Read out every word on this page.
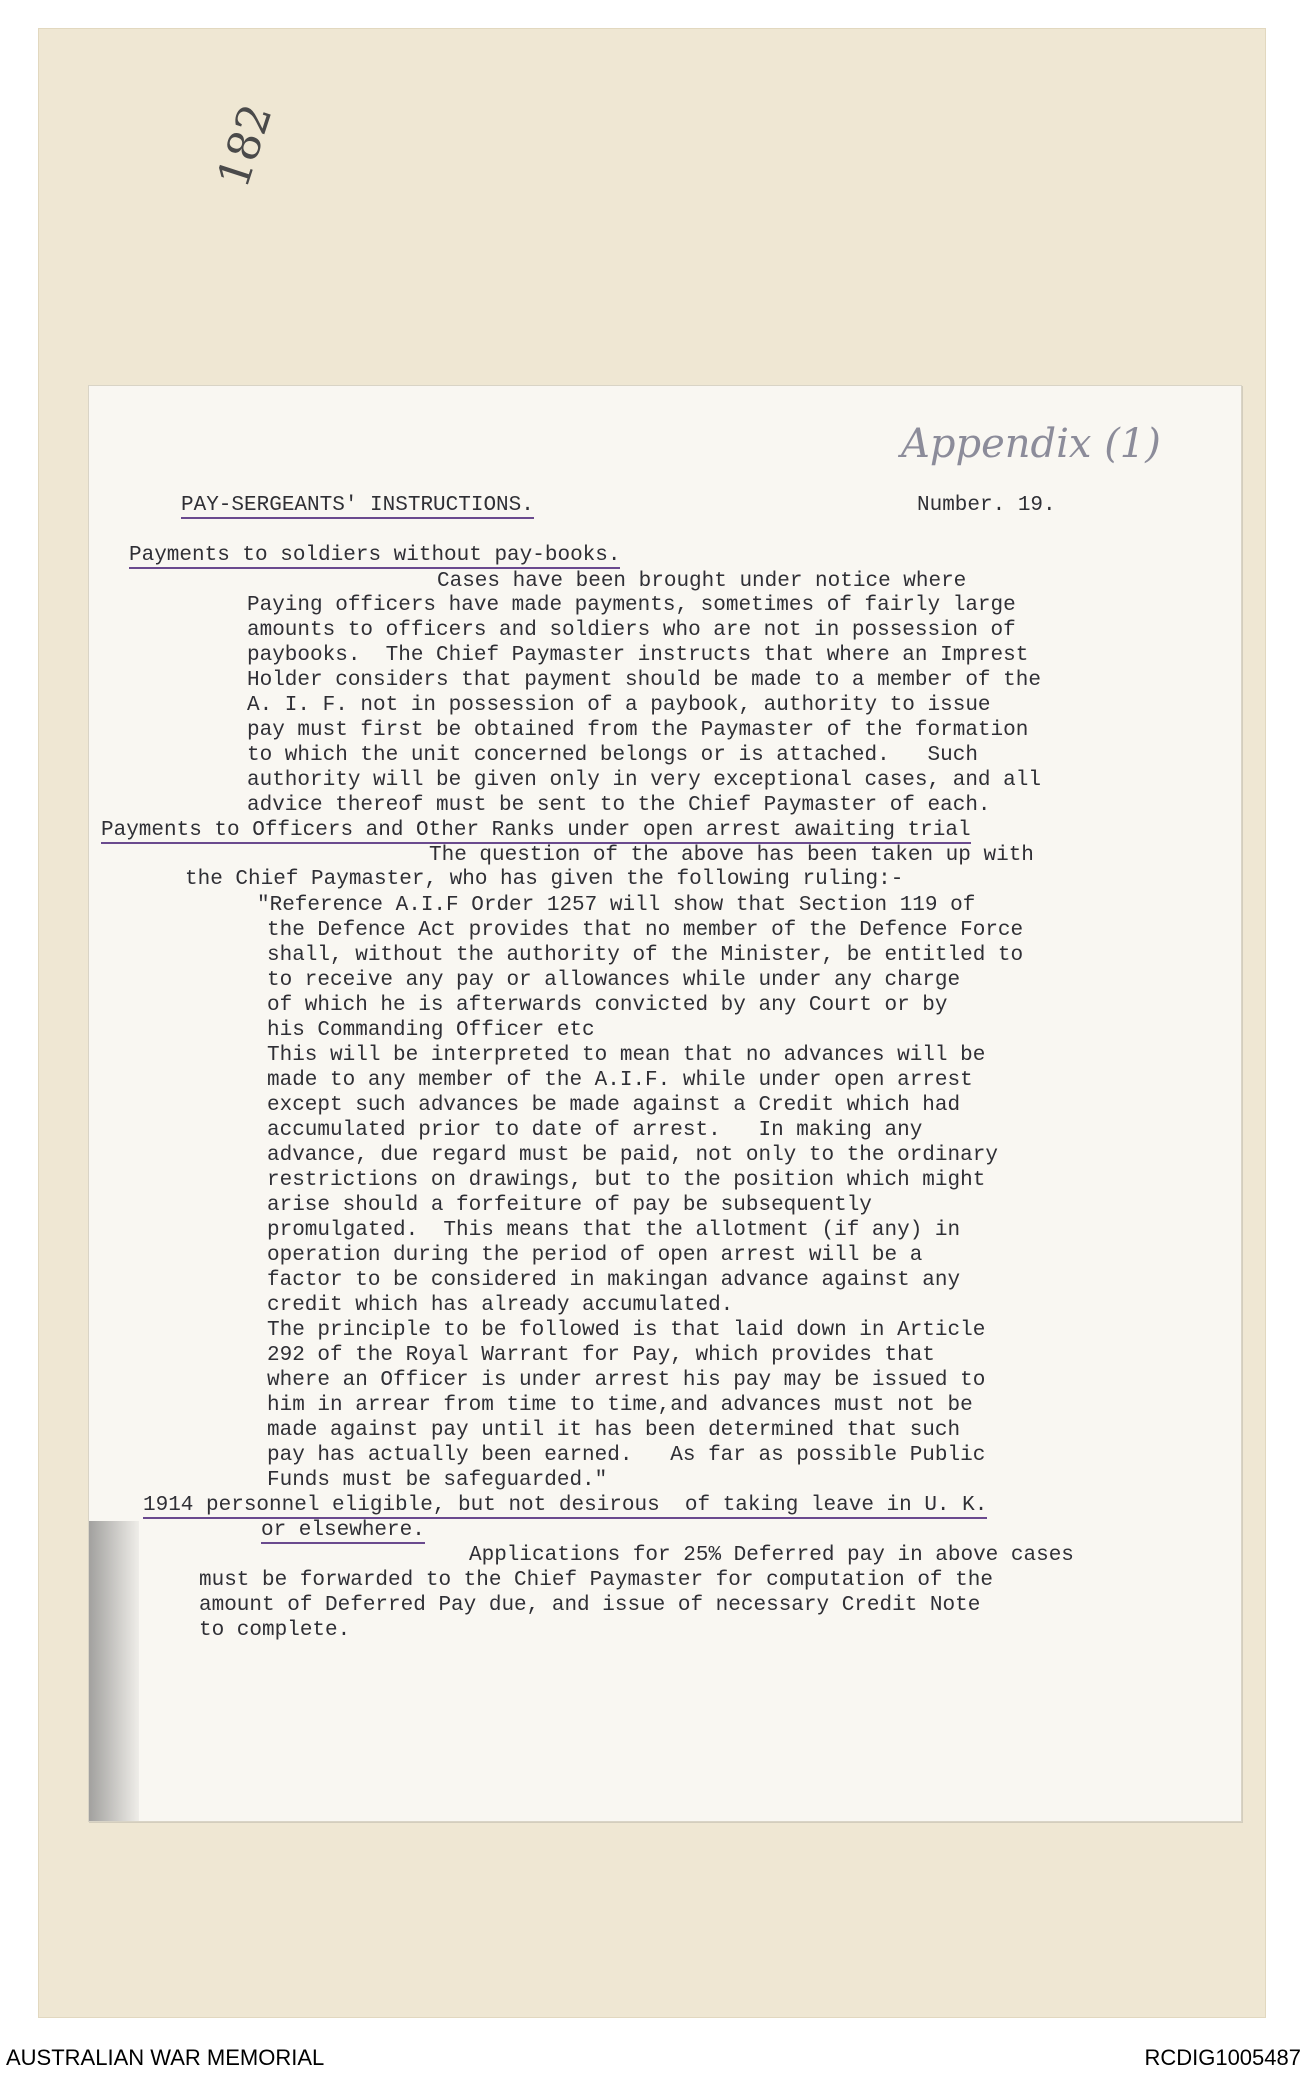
182
Appendix (1)
PAY-SERGEANTS' INSTRUCTIONS.	Number. 19.
Payments to soldiers without pay-books.
Cases have been brought under notice where
Paying officers have made payments, sometimes of fairly large
amounts to officers and soldiers who are not in possession of
paybooks.  The Chief Paymaster instructs that where an Imprest
Holder considers that payment should be made to a member of the
A. I. F. not in possession of a paybook, authority to issue
pay must first be obtained from the Paymaster of the formation
to which the unit concerned belongs or is attached.   Such
authority will be given only in very exceptional cases, and all
advice thereof must be sent to the Chief Paymaster of each.
Payments to Officers and Other Ranks under open arrest awaiting trial
The question of the above has been taken up with
the Chief Paymaster, who has given the following ruling:-
"Reference A.I.F Order 1257 will show that Section 119 of
the Defence Act provides that no member of the Defence Force
shall, without the authority of the Minister, be entitled to
to receive any pay or allowances while under any charge
of which he is afterwards convicted by any Court or by
his Commanding Officer etc
This will be interpreted to mean that no advances will be
made to any member of the A.I.F. while under open arrest
except such advances be made against a Credit which had
accumulated prior to date of arrest.   In making any
advance, due regard must be paid, not only to the ordinary
restrictions on drawings, but to the position which might
arise should a forfeiture of pay be subsequently
promulgated.  This means that the allotment (if any) in
operation during the period of open arrest will be a
factor to be considered in makingan advance against any
credit which has already accumulated.
The principle to be followed is that laid down in Article
292 of the Royal Warrant for Pay, which provides that
where an Officer is under arrest his pay may be issued to
him in arrear from time to time,and advances must not be
made against pay until it has been determined that such
pay has actually been earned.   As far as possible Public
Funds must be safeguarded."
1914 personnel eligible, but not desirous  of taking leave in U. K.
or elsewhere.
Applications for 25% Deferred pay in above cases
must be forwarded to the Chief Paymaster for computation of the
amount of Deferred Pay due, and issue of necessary Credit Note
to complete.
AUSTRALIAN WAR MEMORIAL	RCDIG1005487
